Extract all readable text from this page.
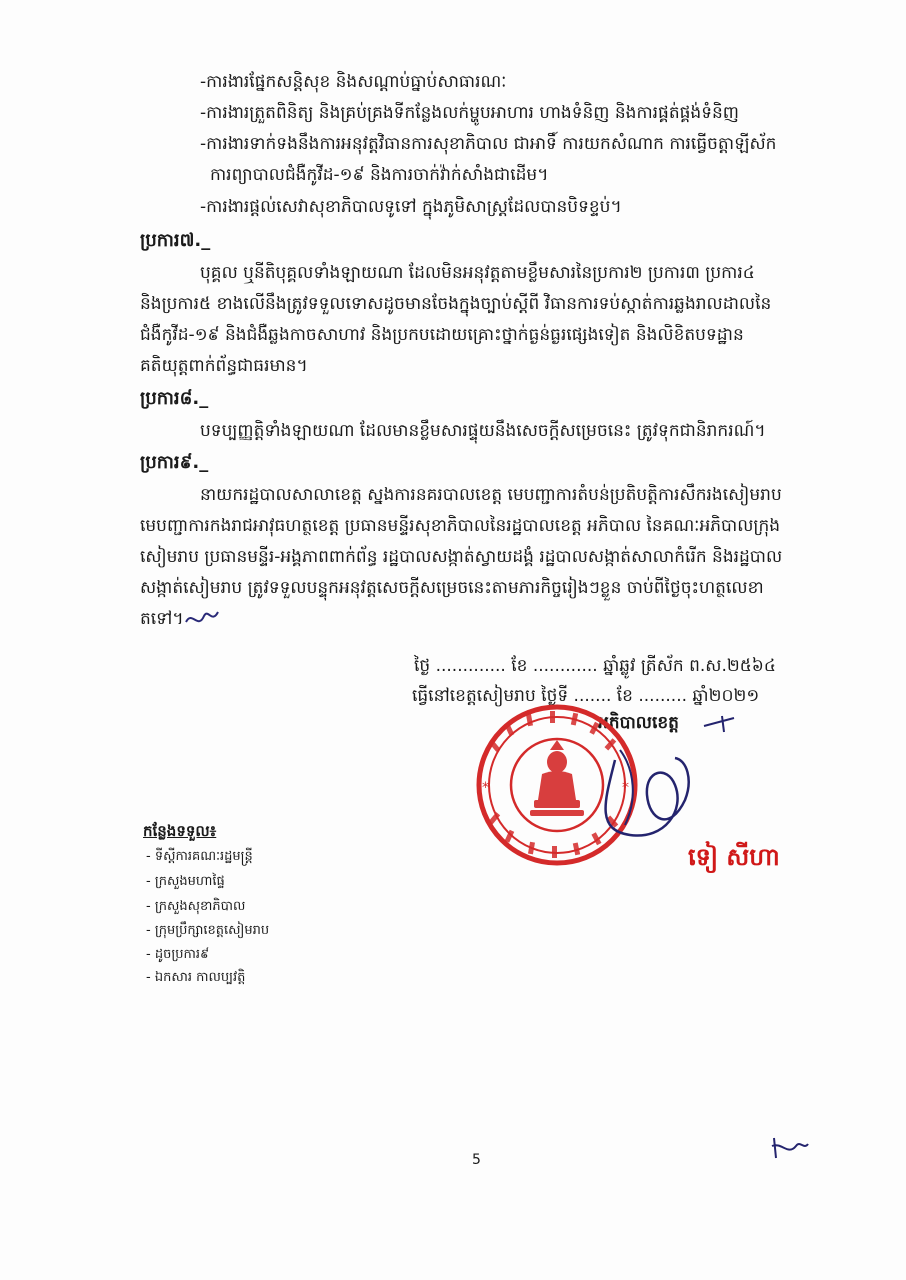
-ការងារផ្នែកសន្តិសុខ និងសណ្តាប់ធ្នាប់សាធារណៈ
-ការងារត្រួតពិនិត្យ និងគ្រប់គ្រងទីកន្លែងលក់ម្ហូបអាហារ ហាងទំនិញ និងការផ្គត់ផ្គង់ទំនិញ
-ការងារទាក់ទងនឹងការអនុវត្តវិធានការសុខាភិបាល ជាអាទិ៍ ការយកសំណាក ការធ្វើចត្តាឡីស័ក
ការព្យាបាលជំងឺកូវីដ-១៩ និងការចាក់វ៉ាក់សាំងជាដើម។
-ការងារផ្តល់សេវាសុខាភិបាលទូទៅ ក្នុងភូមិសាស្ត្រដែលបានបិទខ្ទប់។
ប្រការ៧._
បុគ្គល ឬនីតិបុគ្គលទាំងឡាយណា ដែលមិនអនុវត្តតាមខ្លឹមសារនៃប្រការ២ ប្រការ៣ ប្រការ៤
និងប្រការ៥ ខាងលើនឹងត្រូវទទួលទោសដូចមានចែងក្នុងច្បាប់ស្តីពី វិធានការទប់ស្កាត់ការឆ្លងរាលដាលនៃ
ជំងឺកូវីដ-១៩ និងជំងឺឆ្លងកាចសាហាវ និងប្រកបដោយគ្រោះថ្នាក់ធ្ងន់ធ្ងរផ្សេងទៀត និងលិខិតបទដ្ឋាន
គតិយុត្តពាក់ព័ន្ធជាធរមាន។
ប្រការ៨._
បទប្បញ្ញត្តិទាំងឡាយណា ដែលមានខ្លឹមសារផ្ទុយនឹងសេចក្តីសម្រេចនេះ ត្រូវទុកជានិរាករណ៍។
ប្រការ៩._
នាយករដ្ឋបាលសាលាខេត្ត ស្នងការនគរបាលខេត្ត មេបញ្ជាការតំបន់ប្រតិបត្តិការសឹករងសៀមរាប
មេបញ្ជាការកងរាជអាវុធហត្ថខេត្ត ប្រធានមន្ទីរសុខាភិបាលនៃរដ្ឋបាលខេត្ត អភិបាល នៃគណៈអភិបាលក្រុង
សៀមរាប ប្រធានមន្ទីរ-អង្គភាពពាក់ព័ន្ធ រដ្ឋបាលសង្កាត់ស្វាយដង្គំ រដ្ឋបាលសង្កាត់សាលាកំរើក និងរដ្ឋបាល
សង្កាត់សៀមរាប ត្រូវទទួលបន្ទុកអនុវត្តសេចក្តីសម្រេចនេះតាមភារកិច្ចរៀងៗខ្លួន ចាប់ពីថ្ងៃចុះហត្ថលេខា
តទៅ។
ថ្ងៃ ............. ខែ ............ ឆ្នាំឆ្លូវ ត្រីស័ក ព.ស.២៥៦៤
ធ្វើនៅខេត្តសៀមរាប ថ្ងៃទី ....... ខែ ......... ឆ្នាំ២០២១
អភិបាលខេត្ត
*	*
ទៀ សីហា
កន្លែងទទួល៖
- ទីស្តីការគណៈរដ្ឋមន្ត្រី
- ក្រសួងមហាផ្ទៃ
- ក្រសួងសុខាភិបាល
- ក្រុមប្រឹក្សាខេត្តសៀមរាប
- ដូចប្រការ៩
- ឯកសារ កាលប្បវត្តិ
5
